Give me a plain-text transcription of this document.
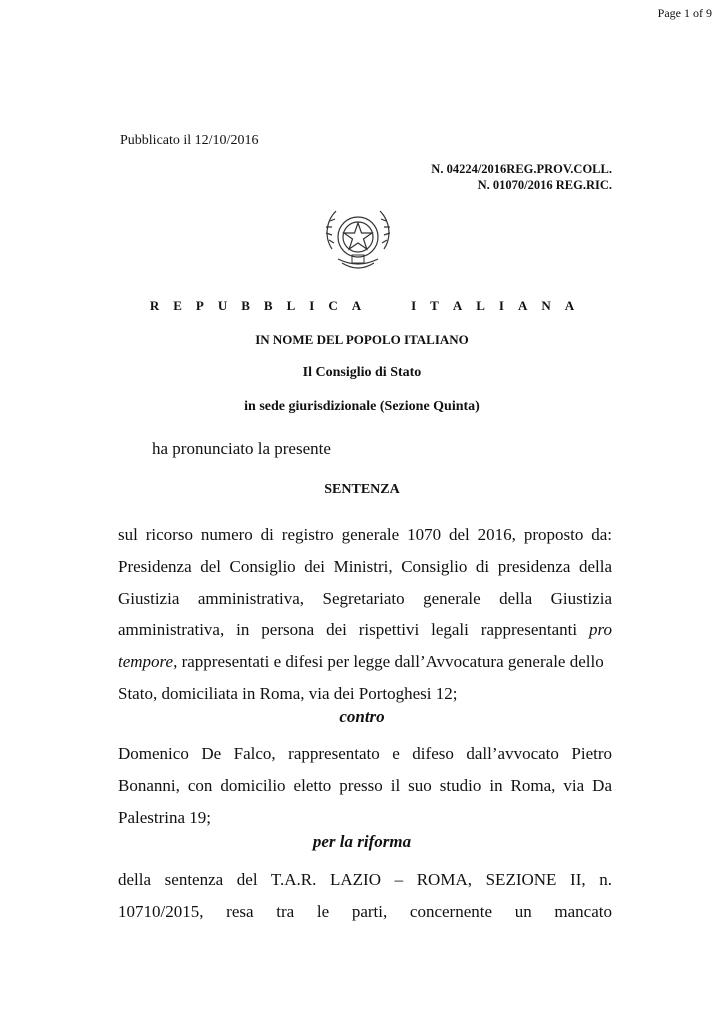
Page 1 of 9
Pubblicato il 12/10/2016
N. 04224/2016REG.PROV.COLL.
N. 01070/2016 REG.RIC.
R E P U B B L I C A	I T A L I A N A
IN NOME DEL POPOLO ITALIANO
Il Consiglio di Stato
in sede giurisdizionale (Sezione Quinta)
ha pronunciato la presente
SENTENZA
sul ricorso numero di registro generale 1070 del 2016, proposto da:
Presidenza del Consiglio dei Ministri, Consiglio di presidenza della
Giustizia amministrativa, Segretariato generale della Giustizia
amministrativa, in persona dei rispettivi legali rappresentanti pro
tempore, rappresentati e difesi per legge dall’Avvocatura generale dello
Stato, domiciliata in Roma, via dei Portoghesi 12;
contro
Domenico De Falco, rappresentato e difeso dall’avvocato Pietro
Bonanni, con domicilio eletto presso il suo studio in Roma, via Da
Palestrina 19;
per la riforma
della sentenza del T.A.R. LAZIO – ROMA, SEZIONE II, n.
10710/2015, resa tra le parti, concernente un mancato
